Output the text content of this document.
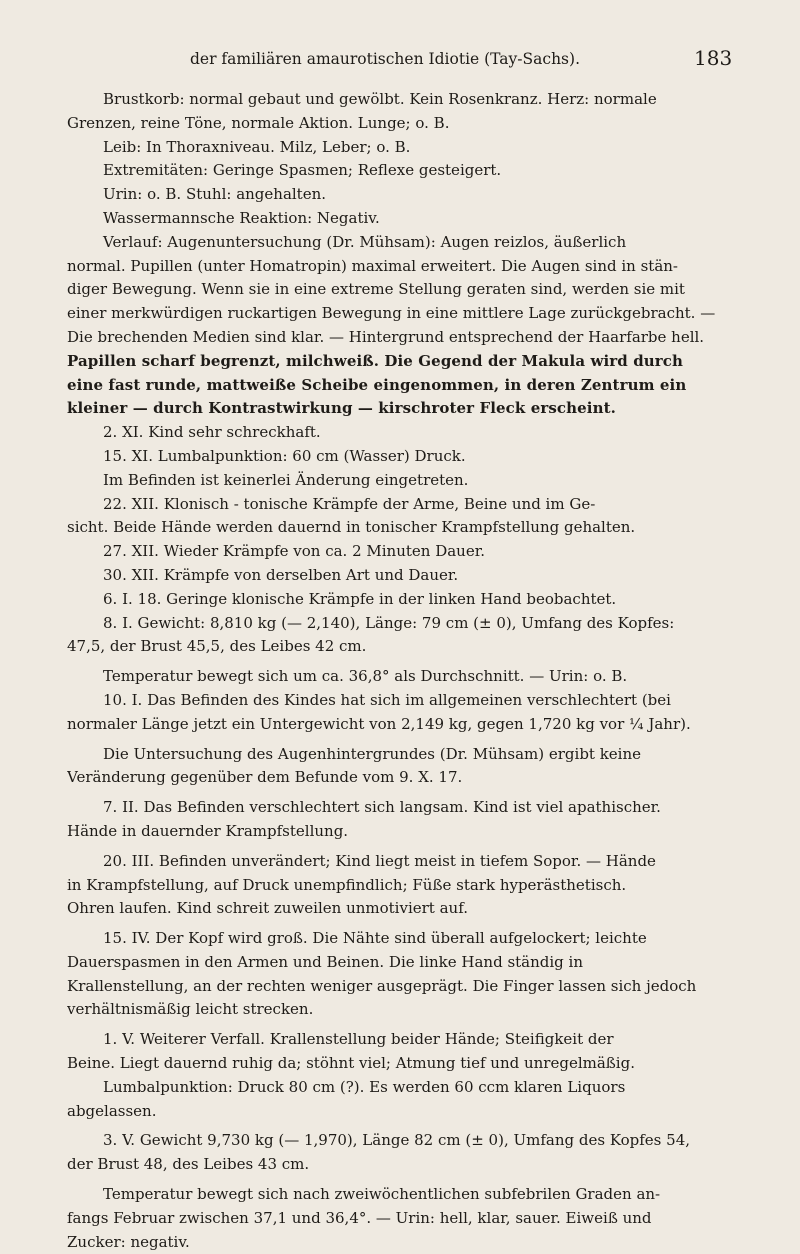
der familiären amaurotischen Idiotie (Tay-Sachs).	183
Brustkorb: normal gebaut und gewölbt. Kein Rosenkranz. Herz: normale
Grenzen, reine Töne, normale Aktion. Lunge; o. B.
Leib: In Thoraxniveau. Milz, Leber; o. B.
Extremitäten: Geringe Spasmen; Reflexe gesteigert.
Urin: o. B. Stuhl: angehalten.
Wassermannsche Reaktion: Negativ.
Verlauf: Augenuntersuchung (Dr. Mühsam): Augen reizlos, äußerlich
normal. Pupillen (unter Homatropin) maximal erweitert. Die Augen sind in stän-
diger Bewegung. Wenn sie in eine extreme Stellung geraten sind, werden sie mit
einer merkwürdigen ruckartigen Bewegung in eine mittlere Lage zurückgebracht. —
Die brechenden Medien sind klar. — Hintergrund entsprechend der Haarfarbe hell.
Papillen scharf begrenzt, milchweiß. Die Gegend der Makula wird durch
eine fast runde, mattweiße Scheibe eingenommen, in deren Zentrum ein
kleiner — durch Kontrastwirkung — kirschroter Fleck erscheint.
2. XI. Kind sehr schreckhaft.
15. XI. Lumbalpunktion: 60 cm (Wasser) Druck.
Im Befinden ist keinerlei Änderung eingetreten.
22. XII. Klonisch - tonische Krämpfe der Arme, Beine und im Ge-
sicht. Beide Hände werden dauernd in tonischer Krampfstellung gehalten.
27. XII. Wieder Krämpfe von ca. 2 Minuten Dauer.
30. XII. Krämpfe von derselben Art und Dauer.
6. I. 18. Geringe klonische Krämpfe in der linken Hand beobachtet.
8. I. Gewicht: 8,810 kg (— 2,140), Länge: 79 cm (± 0), Umfang des Kopfes:
47,5, der Brust 45,5, des Leibes 42 cm.
Temperatur bewegt sich um ca. 36,8° als Durchschnitt. — Urin: o. B.
10. I. Das Befinden des Kindes hat sich im allgemeinen verschlechtert (bei
normaler Länge jetzt ein Untergewicht von 2,149 kg, gegen 1,720 kg vor ¼ Jahr).
Die Untersuchung des Augenhintergrundes (Dr. Mühsam) ergibt keine
Veränderung gegenüber dem Befunde vom 9. X. 17.
7. II. Das Befinden verschlechtert sich langsam. Kind ist viel apathischer.
Hände in dauernder Krampfstellung.
20. III. Befinden unverändert; Kind liegt meist in tiefem Sopor. — Hände
in Krampfstellung, auf Druck unempfindlich; Füße stark hyperästhetisch.
Ohren laufen. Kind schreit zuweilen unmotiviert auf.
15. IV. Der Kopf wird groß. Die Nähte sind überall aufgelockert; leichte
Dauerspasmen in den Armen und Beinen. Die linke Hand ständig in
Krallenstellung, an der rechten weniger ausgeprägt. Die Finger lassen sich jedoch
verhältnismäßig leicht strecken.
1. V. Weiterer Verfall. Krallenstellung beider Hände; Steifigkeit der
Beine. Liegt dauernd ruhig da; stöhnt viel; Atmung tief und unregelmäßig.
Lumbalpunktion: Druck 80 cm (?). Es werden 60 ccm klaren Liquors
abgelassen.
3. V. Gewicht 9,730 kg (— 1,970), Länge 82 cm (± 0), Umfang des Kopfes 54,
der Brust 48, des Leibes 43 cm.
Temperatur bewegt sich nach zweiwöchentlichen subfebrilen Graden an-
fangs Februar zwischen 37,1 und 36,4°. — Urin: hell, klar, sauer. Eiweiß und
Zucker: negativ.
